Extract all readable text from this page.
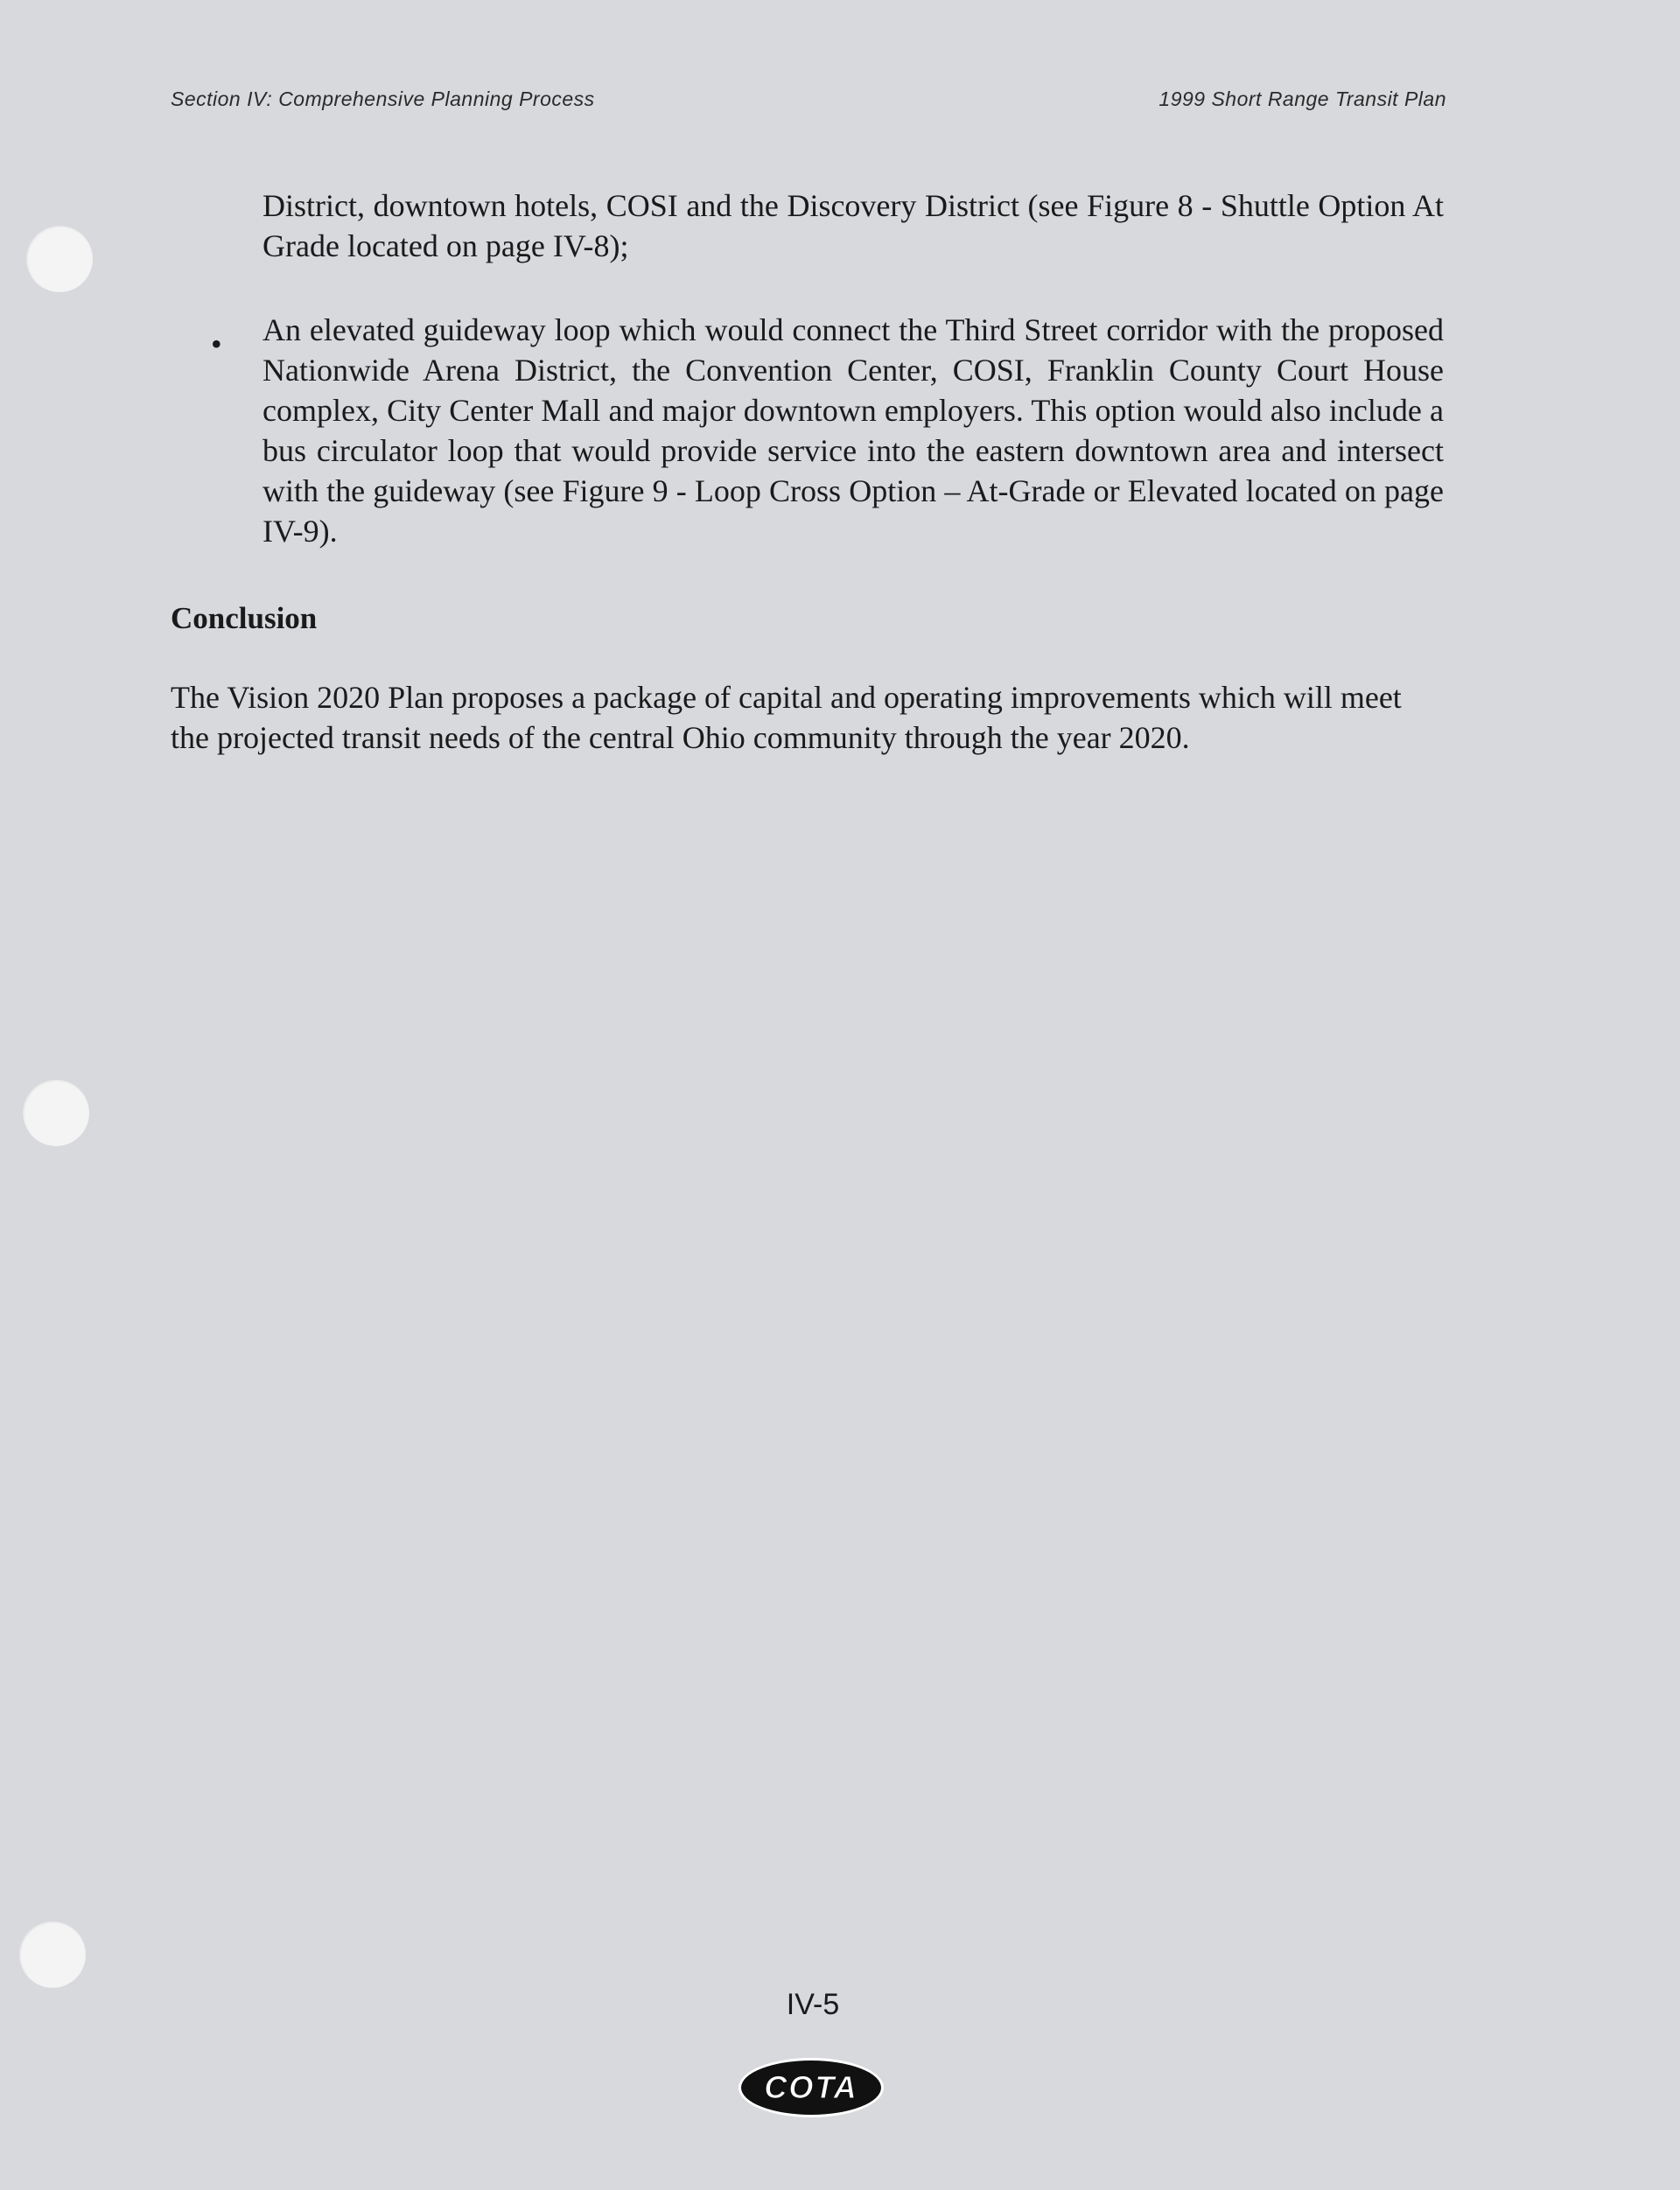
Section IV: Comprehensive Planning Process	1999 Short Range Transit Plan
District, downtown hotels, COSI and the Discovery District (see Figure 8 - Shuttle Option At Grade located on page IV-8);
• An elevated guideway loop which would connect the Third Street corridor with the proposed Nationwide Arena District, the Convention Center, COSI, Franklin County Court House complex, City Center Mall and major downtown employers. This option would also include a bus circulator loop that would provide service into the eastern downtown area and intersect with the guideway (see Figure 9 - Loop Cross Option – At-Grade or Elevated located on page IV-9).
Conclusion
The Vision 2020 Plan proposes a package of capital and operating improvements which will meet the projected transit needs of the central Ohio community through the year 2020.
IV-5
COTA
